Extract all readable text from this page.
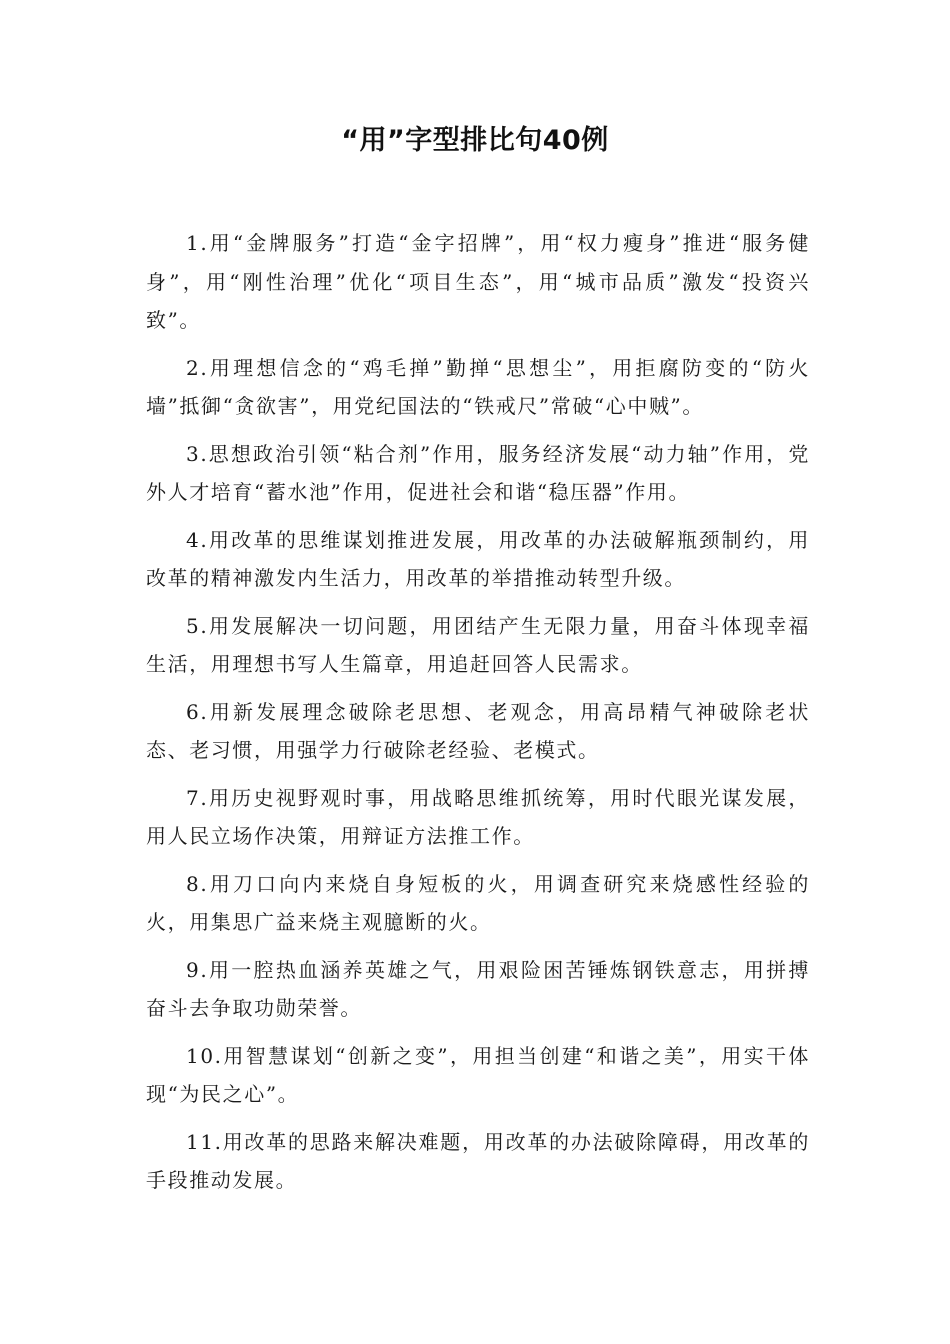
“用”字型排比句40例

1.用“金牌服务”打造“金字招牌”，用“权力瘦身”推进“服务健身”，用“刚性治理”优化“项目生态”，用“城市品质”激发“投资兴致”。

2.用理想信念的“鸡毛掸”勤掸“思想尘”，用拒腐防变的“防火墙”抵御“贪欲害”，用党纪国法的“铁戒尺”常破“心中贼”。

3.思想政治引领“粘合剂”作用，服务经济发展“动力轴”作用，党外人才培育“蓄水池”作用，促进社会和谐“稳压器”作用。

4.用改革的思维谋划推进发展，用改革的办法破解瓶颈制约，用改革的精神激发内生活力，用改革的举措推动转型升级。

5.用发展解决一切问题，用团结产生无限力量，用奋斗体现幸福生活，用理想书写人生篇章，用追赶回答人民需求。

6.用新发展理念破除老思想、老观念，用高昂精气神破除老状态、老习惯，用强学力行破除老经验、老模式。

7.用历史视野观时事，用战略思维抓统筹，用时代眼光谋发展，用人民立场作决策，用辩证方法推工作。

8.用刀口向内来烧自身短板的火，用调查研究来烧感性经验的火，用集思广益来烧主观臆断的火。

9.用一腔热血涵养英雄之气，用艰险困苦锤炼钢铁意志，用拼搏奋斗去争取功勋荣誉。

10.用智慧谋划“创新之变”，用担当创建“和谐之美”，用实干体现“为民之心”。

11.用改革的思路来解决难题，用改革的办法破除障碍，用改革的手段推动发展。
